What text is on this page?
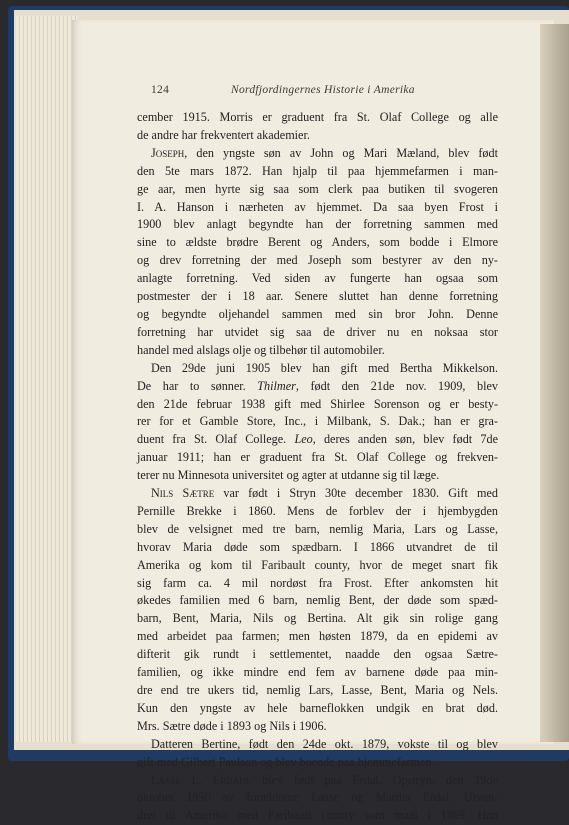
124	Nordfjordingernes Historie i Amerika

cember 1915. Morris er graduent fra St. Olaf College og alle

de andre har frekventert akademier.

Joseph, den yngste søn av John og Mari Mæland, blev født

den 5te mars 1872. Han hjalp til paa hjemmefarmen i man-

ge aar, men hyrte sig saa som clerk paa butiken til svogeren

I. A. Hanson i nærheten av hjemmet. Da saa byen Frost i

1900 blev anlagt begyndte han der forretning sammen med

sine to ældste brødre Berent og Anders, som bodde i Elmore

og drev forretning der med Joseph som bestyrer av den ny-

anlagte forretning. Ved siden av fungerte han ogsaa som

postmester der i 18 aar. Senere sluttet han denne forretning

og begyndte oljehandel sammen med sin bror John. Denne

forretning har utvidet sig saa de driver nu en noksaa stor

handel med alslags olje og tilbehør til automobiler.

Den 29de juni 1905 blev han gift med Bertha Mikkelson.

De har to sønner. Thilmer, født den 21de nov. 1909, blev

den 21de februar 1938 gift med Shirlee Sorenson og er besty-

rer for et Gamble Store, Inc., i Milbank, S. Dak.; han er gra-

duent fra St. Olaf College. Leo, deres anden søn, blev født 7de

januar 1911; han er graduent fra St. Olaf College og frekven-

terer nu Minnesota universitet og agter at utdanne sig til læge.

Nils Sætre var født i Stryn 30te december 1830. Gift med

Pernille Brekke i 1860. Mens de forblev der i hjembygden

blev de velsignet med tre barn, nemlig Maria, Lars og Lasse,

hvorav Maria døde som spædbarn. I 1866 utvandret de til

Amerika og kom til Faribault county, hvor de meget snart fik

sig farm ca. 4 mil nordøst fra Frost. Efter ankomsten hit

økedes familien med 6 barn, nemlig Bent, der døde som spæd-

barn, Bent, Maria, Nils og Bertina. Alt gik sin rolige gang

med arbeidet paa farmen; men høsten 1879, da en epidemi av

difterit gik rundt i settlementet, naadde den ogsaa Sætre-

familien, og ikke mindre end fem av barnene døde paa min-

dre end tre ukers tid, nemlig Lars, Lasse, Bent, Maria og Nels.

Kun den yngste av hele barneflokken undgik en brat død.

Mrs. Sætre døde i 1893 og Nils i 1906.

Datteren Bertine, født den 24de okt. 1879, vokste til og blev

gift med Gilbert Paulson og blev boende paa hjemmefarmen.

Lasse L. Erdahl blev født paa Erdal, Opstryn, den 19de

oktober 1850 av forældrene Lasse og Martha Erdal. Utvan-

dret til Amerika med Faribault county som maal i 1869. Han
